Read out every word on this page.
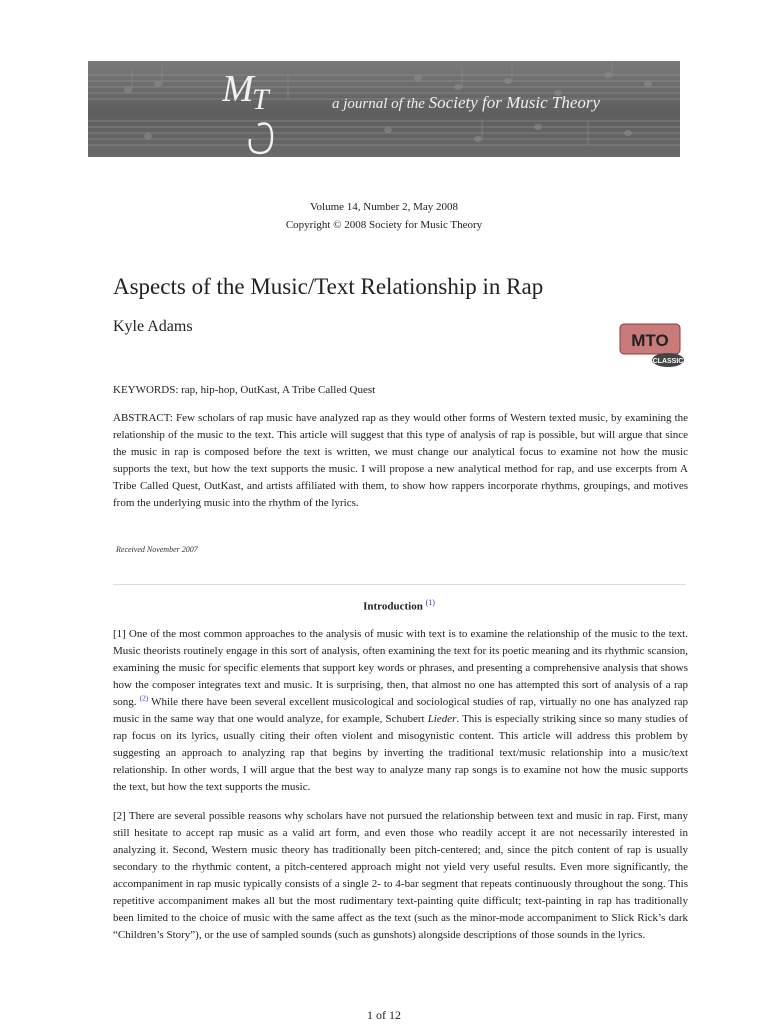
M
T	a journal of the Society for Music Theory
Volume 14, Number 2, May 2008
Copyright © 2008 Society for Music Theory
Aspects of the Music/Text Relationship in Rap
Kyle Adams
MTO
CLASSIC
KEYWORDS: rap, hip-hop, OutKast, A Tribe Called Quest
ABSTRACT: Few scholars of rap music have analyzed rap as they would other forms of Western texted music, by examining the relationship of the music to the text. This article will suggest that this type of analysis of rap is possible, but will argue that since the music in rap is composed before the text is written, we must change our analytical focus to examine not how the music supports the text, but how the text supports the music. I will propose a new analytical method for rap, and use excerpts from A Tribe Called Quest, OutKast, and artists affiliated with them, to show how rappers incorporate rhythms, groupings, and motives from the underlying music into the rhythm of the lyrics.
Received November 2007
Introduction $^{(1)}$

[1] One of the most common approaches to the analysis of music with text is to examine the relationship of the music to the text. Music theorists routinely engage in this sort of analysis, often examining the text for its poetic meaning and its rhythmic scansion, examining the music for specific elements that support key words or phrases, and presenting a comprehensive analysis that shows how the composer integrates text and music. It is surprising, then, that almost no one has attempted this sort of analysis of a rap song. $^{(2)}$ While there have been several excellent musicological and sociological studies of rap, virtually no one has analyzed rap music in the same way that one would analyze, for example, Schubert Lieder. This is especially striking since so many studies of rap focus on its lyrics, usually citing their often violent and misogynistic content. This article will address this problem by suggesting an approach to analyzing rap that begins by inverting the traditional text/music relationship into a music/text relationship. In other words, I will argue that the best way to analyze many rap songs is to examine not how the music supports the text, but how the text supports the music.

[2] There are several possible reasons why scholars have not pursued the relationship between text and music in rap. First, many still hesitate to accept rap music as a valid art form, and even those who readily accept it are not necessarily interested in analyzing it. Second, Western music theory has traditionally been pitch-centered; and, since the pitch content of rap is usually secondary to the rhythmic content, a pitch-centered approach might not yield very useful results. Even more significantly, the accompaniment in rap music typically consists of a single 2- to 4-bar segment that repeats continuously throughout the song. This repetitive accompaniment makes all but the most rudimentary text-painting quite difficult; text-painting in rap has traditionally been limited to the choice of music with the same affect as the text (such as the minor-mode accompaniment to Slick Rick’s dark “Children’s Story”), or the use of sampled sounds (such as gunshots) alongside descriptions of those sounds in the lyrics.

1 of 12
